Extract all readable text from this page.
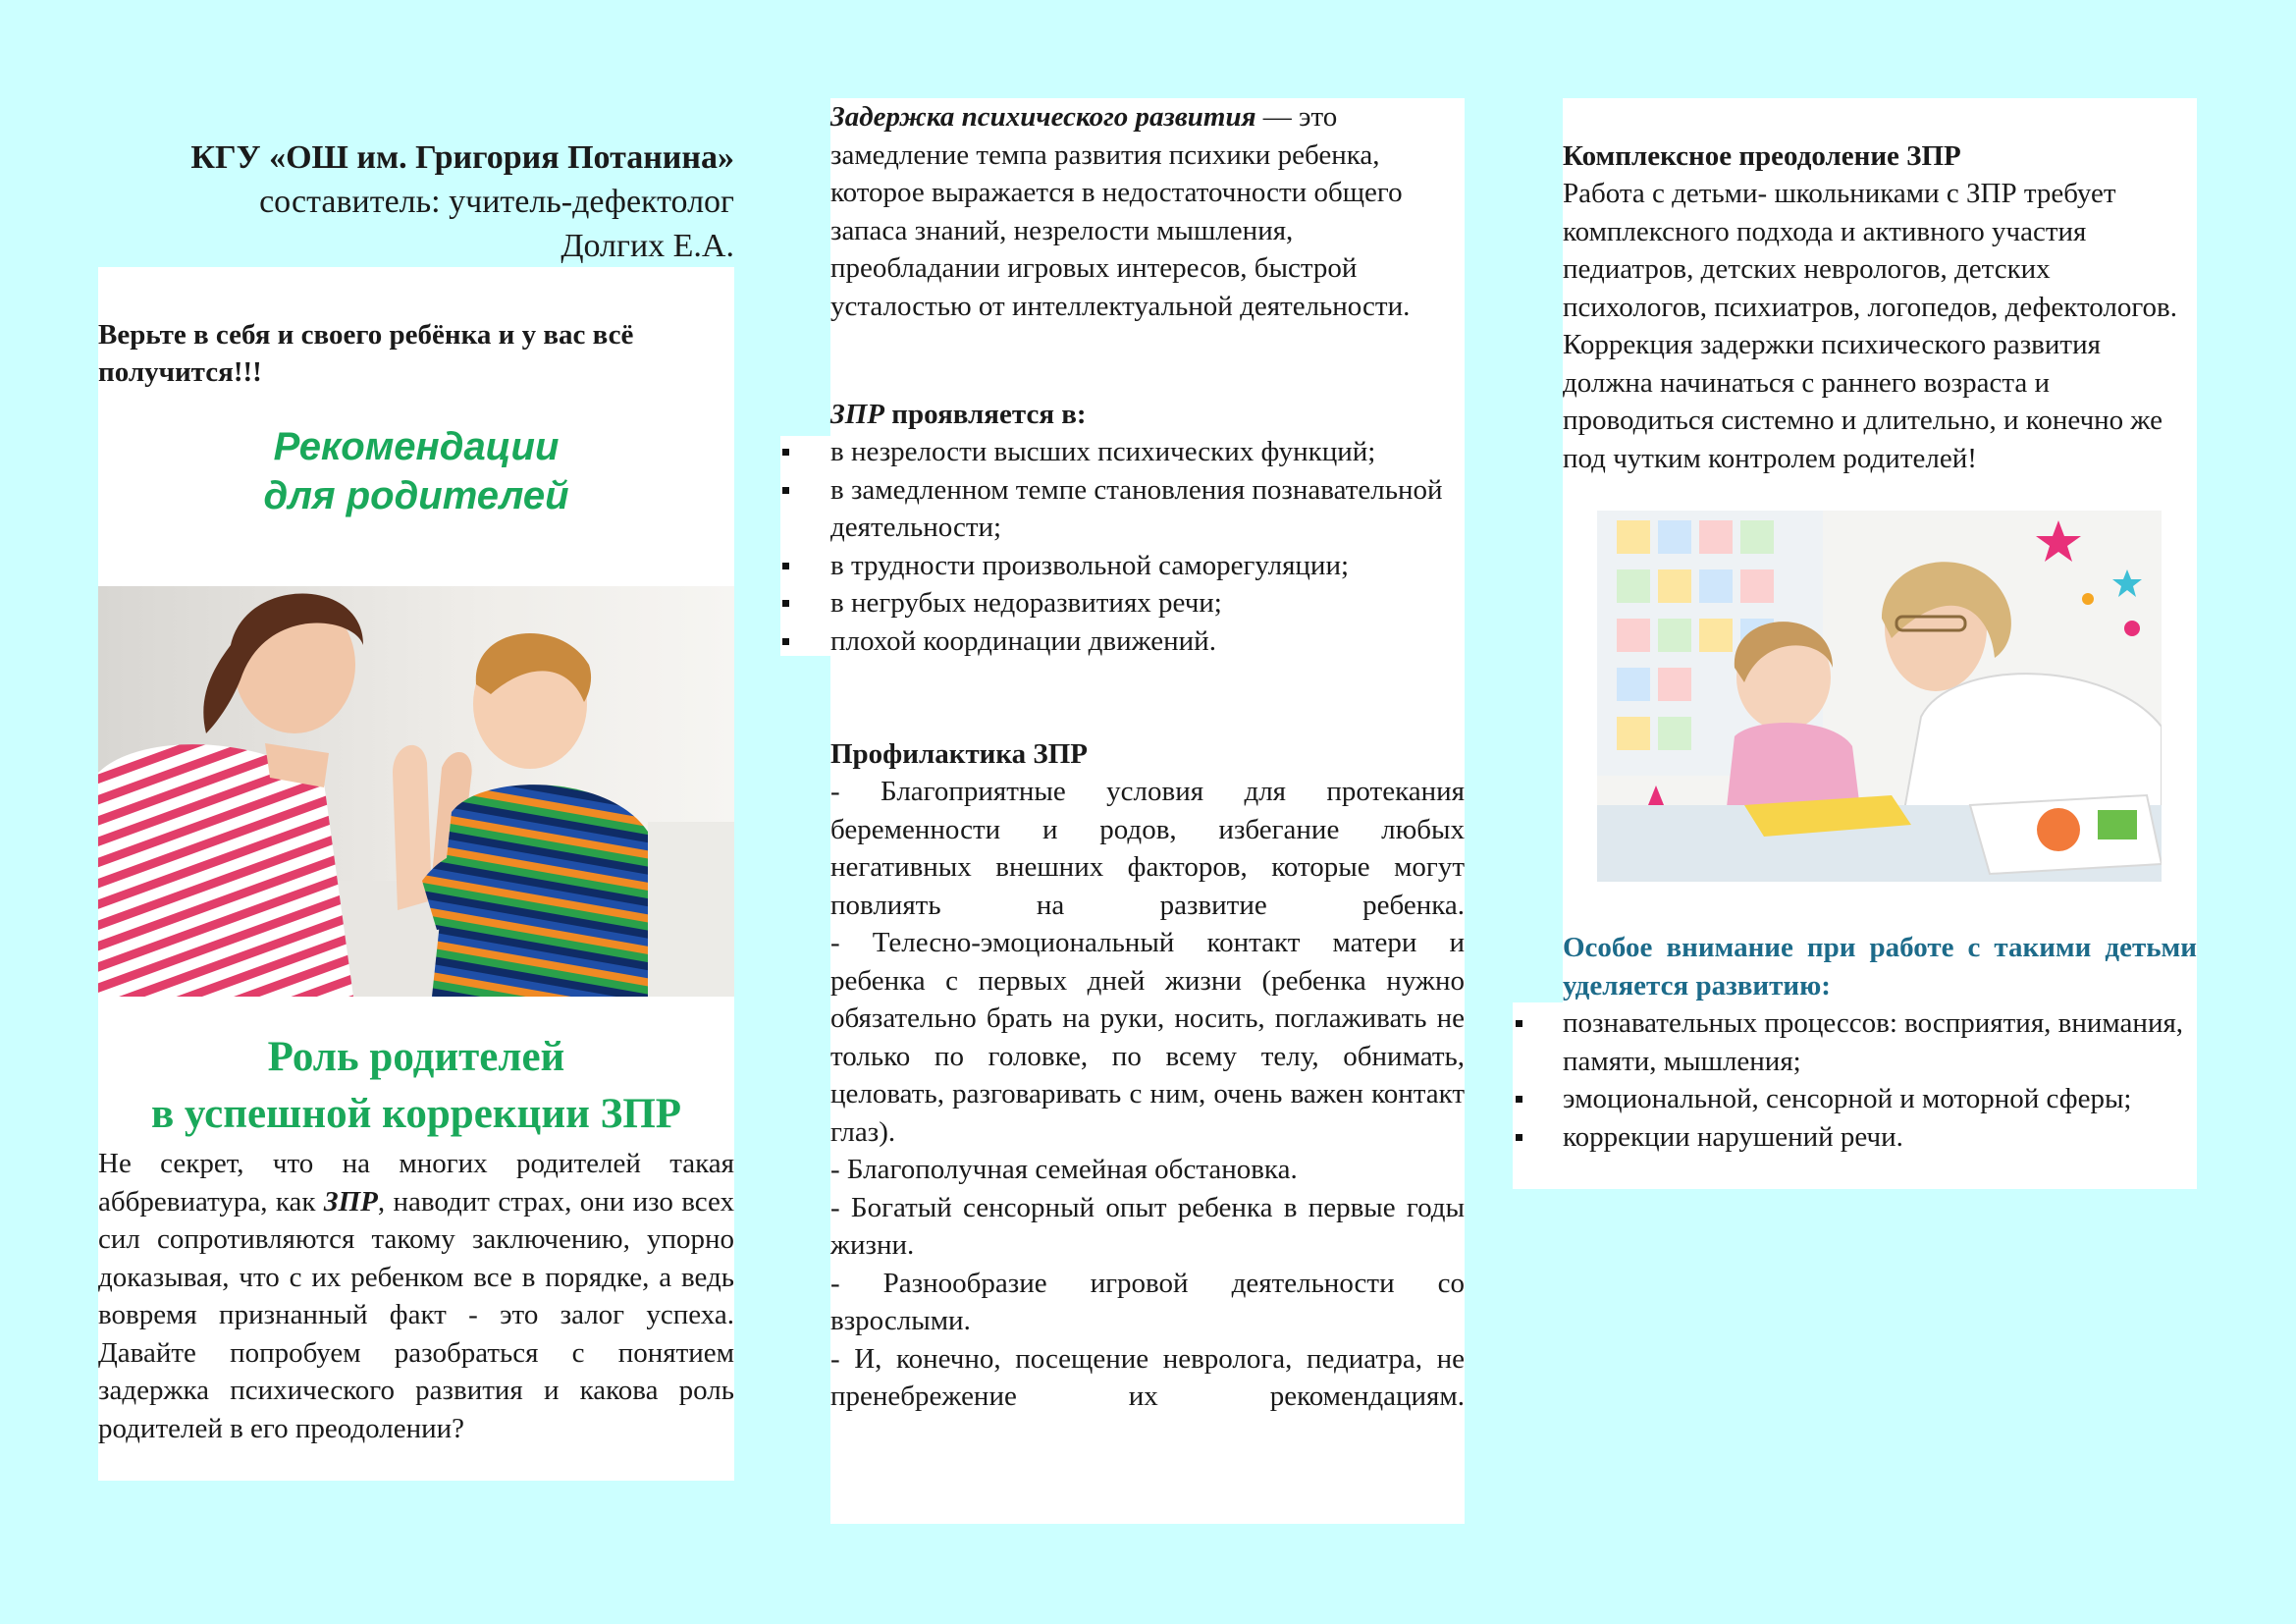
КГУ «ОШ им. Григория Потанина»
составитель: учитель-дефектолог
Долгих Е.А.
Верьте в себя и своего ребёнка и у вас всё получится!!!
Рекомендации
для родителей
Роль родителей
в успешной коррекции ЗПР
Не секрет, что на многих родителей такая аббревиатура, как ЗПР, наводит страх, они изо всех сил сопротивляются такому заключению, упорно доказывая, что с их ребенком все в порядке, а ведь вовремя признанный факт - это залог успеха. Давайте попробуем разобраться с понятием задержка психического развития и какова роль родителей в его преодолении?
Задержка психического развития — это замедление темпа развития психики ребенка, которое выражается в недостаточности общего запаса знаний, незрелости мышления, преобладании игровых интересов, быстрой усталостью от интеллектуальной деятельности.
ЗПР проявляется в:
в незрелости высших психических функций;
в замедленном темпе становления познавательной деятельности;
в трудности произвольной саморегуляции;
в негрубых недоразвитиях речи;
плохой координации движений.
Профилактика ЗПР

- Благоприятные условия для протекания беременности и родов, избегание любых негативных внешних факторов, которые могут повлиять на развитие ребенка.

- Телесно-эмоциональный контакт матери и ребенка с первых дней жизни (ребенка нужно обязательно брать на руки, носить, поглаживать не только по головке, по всему телу, обнимать, целовать, разговаривать с ним, очень важен контакт глаз).

- Благополучная семейная обстановка.

- Богатый сенсорный опыт ребенка в первые годы жизни.

- Разнообразие игровой деятельности со взрослыми.

- И, конечно, посещение невролога, педиатра, не пренебрежение их рекомендациям.

Комплексное преодоление ЗПР
Работа с детьми- школьниками с ЗПР требует комплексного подхода и активного участия педиатров, детских неврологов, детских психологов, психиатров, логопедов, дефектологов. Коррекция задержки психического развития должна начинаться с раннего возраста и проводиться системно и длительно, и конечно же под чутким контролем родителей!
Особое внимание при работе с такими детьми уделяется развитию:
познавательных процессов: восприятия, внимания, памяти, мышления;
эмоциональной, сенсорной и моторной сферы;
коррекции нарушений речи.
